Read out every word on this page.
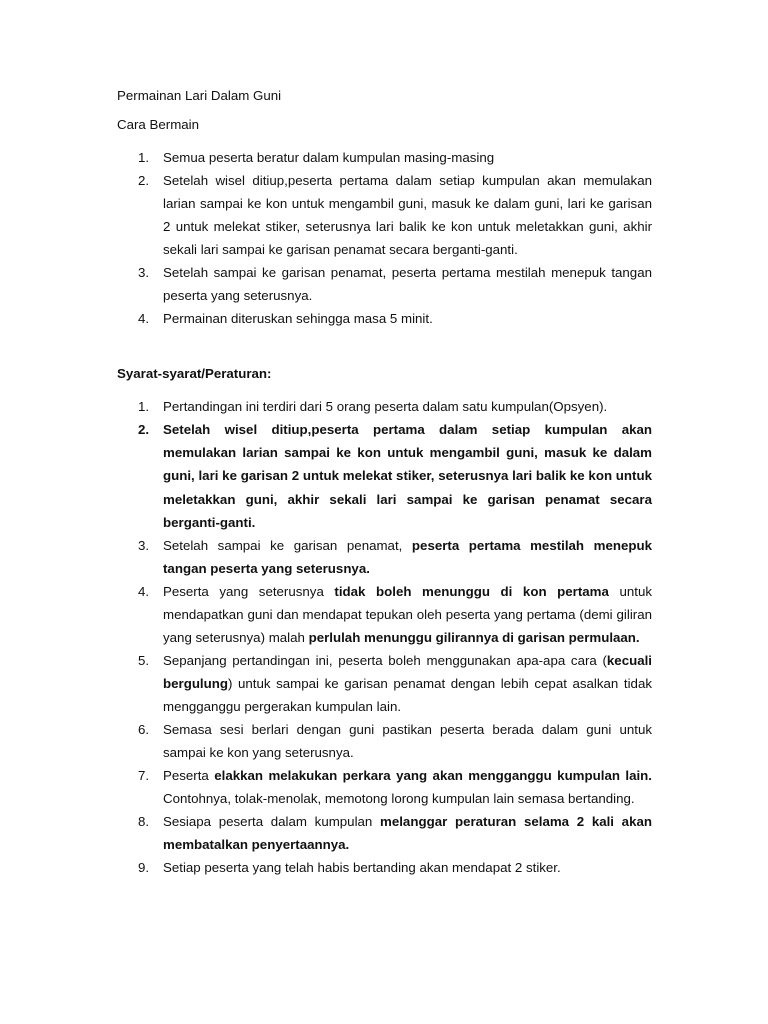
Permainan Lari Dalam Guni
Cara Bermain
1. Semua peserta beratur dalam kumpulan masing-masing
2. Setelah wisel ditiup,peserta pertama dalam setiap kumpulan akan memulakan larian sampai ke kon untuk mengambil guni, masuk ke dalam guni, lari ke garisan 2 untuk melekat stiker, seterusnya lari balik ke kon untuk meletakkan guni, akhir sekali lari sampai ke garisan penamat secara berganti-ganti.
3. Setelah sampai ke garisan penamat, peserta pertama mestilah menepuk tangan peserta yang seterusnya.
4. Permainan diteruskan sehingga masa 5 minit.
Syarat-syarat/Peraturan:
1. Pertandingan ini terdiri dari 5 orang peserta dalam satu kumpulan(Opsyen).
2. Setelah wisel ditiup,peserta pertama dalam setiap kumpulan akan memulakan larian sampai ke kon untuk mengambil guni, masuk ke dalam guni, lari ke garisan 2 untuk melekat stiker, seterusnya lari balik ke kon untuk meletakkan guni, akhir sekali lari sampai ke garisan penamat secara berganti-ganti.
3. Setelah sampai ke garisan penamat, peserta pertama mestilah menepuk tangan peserta yang seterusnya.
4. Peserta yang seterusnya tidak boleh menunggu di kon pertama untuk mendapatkan guni dan mendapat tepukan oleh peserta yang pertama (demi giliran yang seterusnya) malah perlulah menunggu gilirannya di garisan permulaan.
5. Sepanjang pertandingan ini, peserta boleh menggunakan apa-apa cara (kecuali bergulung) untuk sampai ke garisan penamat dengan lebih cepat asalkan tidak mengganggu pergerakan kumpulan lain.
6. Semasa sesi berlari dengan guni pastikan peserta berada dalam guni untuk sampai ke kon yang seterusnya.
7. Peserta elakkan melakukan perkara yang akan mengganggu kumpulan lain. Contohnya, tolak-menolak, memotong lorong kumpulan lain semasa bertanding.
8. Sesiapa peserta dalam kumpulan melanggar peraturan selama 2 kali akan membatalkan penyertaannya.
9. Setiap peserta yang telah habis bertanding akan mendapat 2 stiker.
